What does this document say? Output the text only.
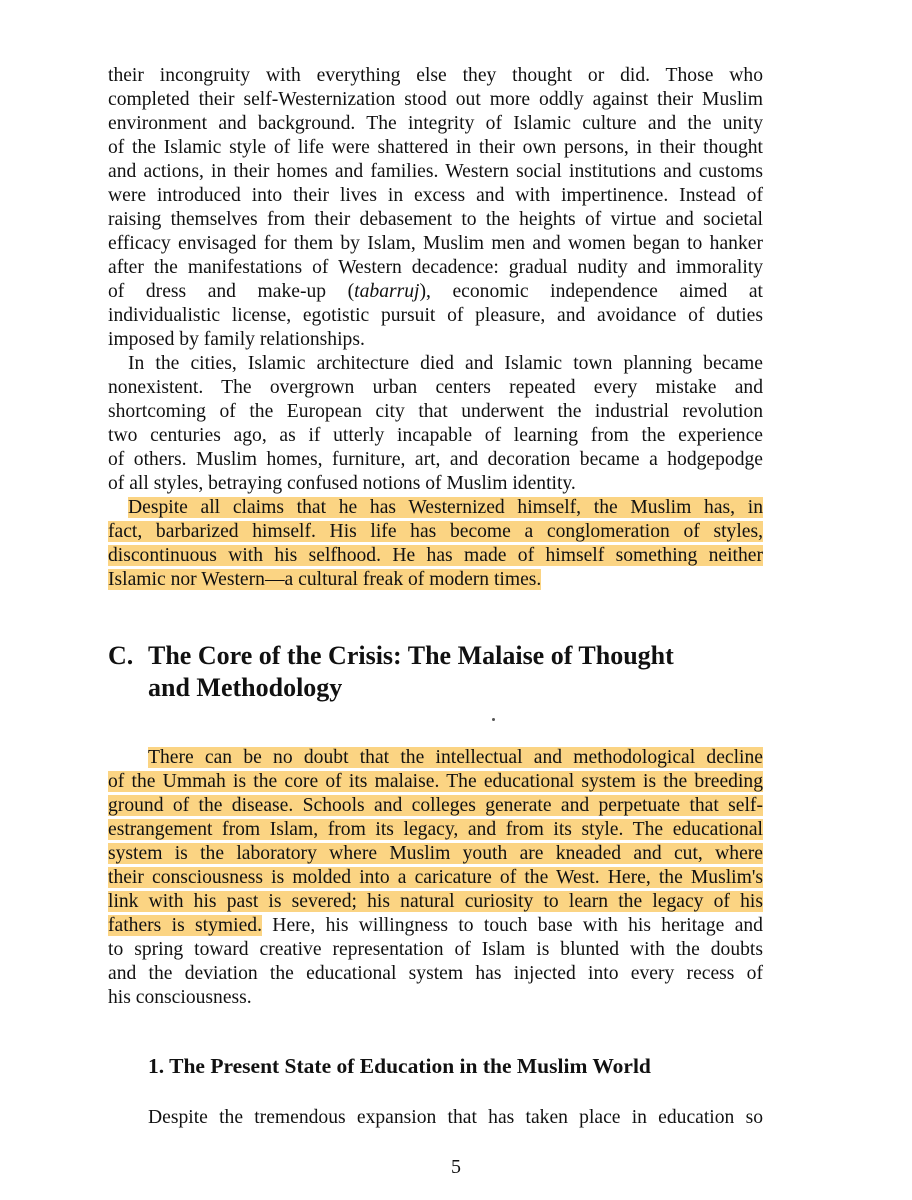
their incongruity with everything else they thought or did. Those who
completed their self-Westernization stood out more oddly against their Muslim
environment and background. The integrity of Islamic culture and the unity
of the Islamic style of life were shattered in their own persons, in their thought
and actions, in their homes and families. Western social institutions and customs
were introduced into their lives in excess and with impertinence. Instead of
raising themselves from their debasement to the heights of virtue and societal
efficacy envisaged for them by Islam, Muslim men and women began to hanker
after the manifestations of Western decadence: gradual nudity and immorality
of dress and make-up (tabarruj), economic independence aimed at
individualistic license, egotistic pursuit of pleasure, and avoidance of duties
imposed by family relationships.
In the cities, Islamic architecture died and Islamic town planning became
nonexistent. The overgrown urban centers repeated every mistake and
shortcoming of the European city that underwent the industrial revolution
two centuries ago, as if utterly incapable of learning from the experience
of others. Muslim homes, furniture, art, and decoration became a hodgepodge
of all styles, betraying confused notions of Muslim identity.
Despite all claims that he has Westernized himself, the Muslim has, in
fact, barbarized himself. His life has become a conglomeration of styles,
discontinuous with his selfhood. He has made of himself something neither
Islamic nor Western—a cultural freak of modern times.
C. The Core of the Crisis: The Malaise of Thought
and Methodology
There can be no doubt that the intellectual and methodological decline
of the Ummah is the core of its malaise. The educational system is the breeding
ground of the disease. Schools and colleges generate and perpetuate that self-
estrangement from Islam, from its legacy, and from its style. The educational
system is the laboratory where Muslim youth are kneaded and cut, where
their consciousness is molded into a caricature of the West. Here, the Muslim's
link with his past is severed; his natural curiosity to learn the legacy of his
fathers is stymied. Here, his willingness to touch base with his heritage and
to spring toward creative representation of Islam is blunted with the doubts
and the deviation the educational system has injected into every recess of
his consciousness.
1. The Present State of Education in the Muslim World
Despite the tremendous expansion that has taken place in education so
5
